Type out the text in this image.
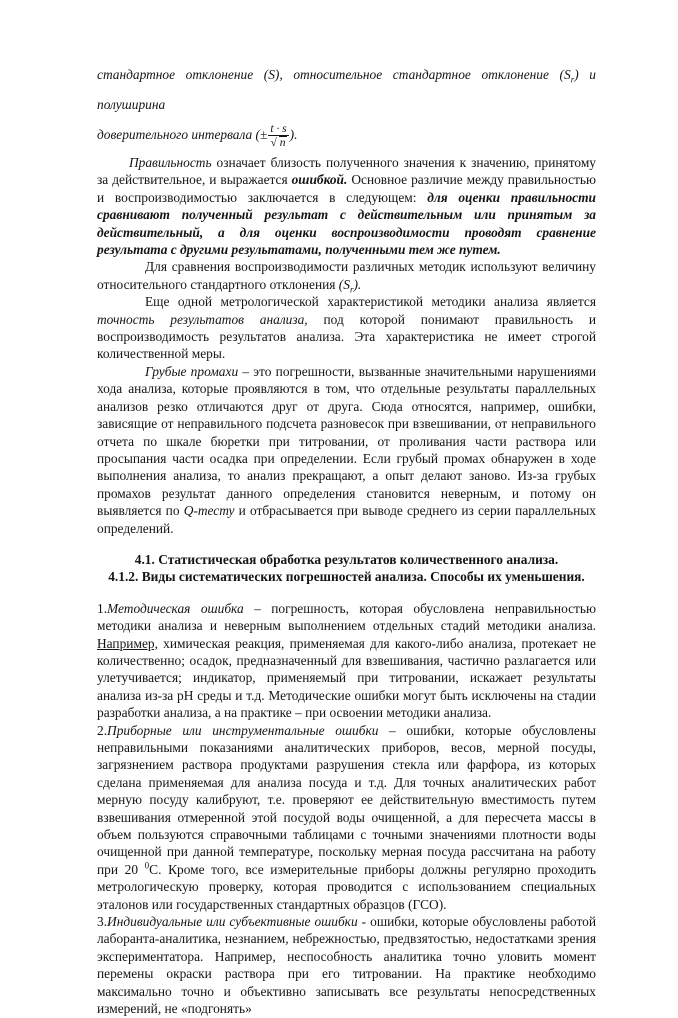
стандартное отклонение (S), относительное стандартное отклонение $(S_r)$ и полуширина
доверительного интервала (± $\frac{t \cdot s}{√ n}$ ).

Правильность означает близость полученного значения к значению, принятому за действительное, и выражается ошибкой. Основное различие между правильностью и воспроизводимостью заключается в следующем: для оценки правильности сравнивают полученный результат с действительным или принятым за действительный, а для оценки воспроизводимости проводят сравнение результата с другими результатами, полученными тем же путем.

Для сравнения воспроизводимости различных методик используют величину относительного стандартного отклонения $(S_r)$.

Еще одной метрологической характеристикой методики анализа является точность результатов анализа, под которой понимают правильность и воспроизводимость результатов анализа. Эта характеристика не имеет строгой количественной меры.

Грубые промахи – это погрешности, вызванные значительными нарушениями хода анализа, которые проявляются в том, что отдельные результаты параллельных анализов резко отличаются друг от друга. Сюда относятся, например, ошибки, зависящие от неправильного подсчета разновесок при взвешивании, от неправильного отчета по шкале бюретки при титровании, от проливания части раствора или просыпания части осадка при определении. Если грубый промах обнаружен в ходе выполнения анализа, то анализ прекращают, а опыт делают заново. Из-за грубых промахов результат данного определения становится неверным, и потому он выявляется по Q-тесту и отбрасывается при выводе среднего из серии параллельных определений.

4.1. Статистическая обработка результатов количественного анализа.

4.1.2. Виды систематических погрешностей анализа. Способы их уменьшения.

1.Методическая ошибка – погрешность, которая обусловлена неправильностью методики анализа и неверным выполнением отдельных стадий методики анализа. Например, химическая реакция, применяемая для какого-либо анализа, протекает не количественно; осадок, предназначенный для взвешивания, частично разлагается или улетучивается; индикатор, применяемый при титровании, искажает результаты анализа из-за pH среды и т.д. Методические ошибки могут быть исключены на стадии разработки анализа, а на практике – при освоении методики анализа.

2.Приборные или инструментальные ошибки – ошибки, которые обусловлены неправильными показаниями аналитических приборов, весов, мерной посуды, загрязнением раствора продуктами разрушения стекла или фарфора, из которых сделана применяемая для анализа посуда и т.д. Для точных аналитических работ мерную посуду калибруют, т.е. проверяют ее действительную вместимость путем взвешивания отмеренной этой посудой воды очищенной, а для пересчета массы в объем пользуются справочными таблицами с точными значениями плотности воды очищенной при данной температуре, поскольку мерная посуда рассчитана на работу при 20 $^0$С. Кроме того, все измерительные приборы должны регулярно проходить метрологическую проверку, которая проводится с использованием специальных эталонов или государственных стандартных образцов (ГСО).

3.Индивидуальные или субъективные ошибки - ошибки, которые обусловлены работой лаборанта-аналитика, незнанием, небрежностью, предвзятостью, недостатками зрения экспериментатора. Например, неспособность аналитика точно уловить момент перемены окраски раствора при его титровании. На практике необходимо максимально точно и объективно записывать все результаты непосредственных измерений, не «подгонять»
